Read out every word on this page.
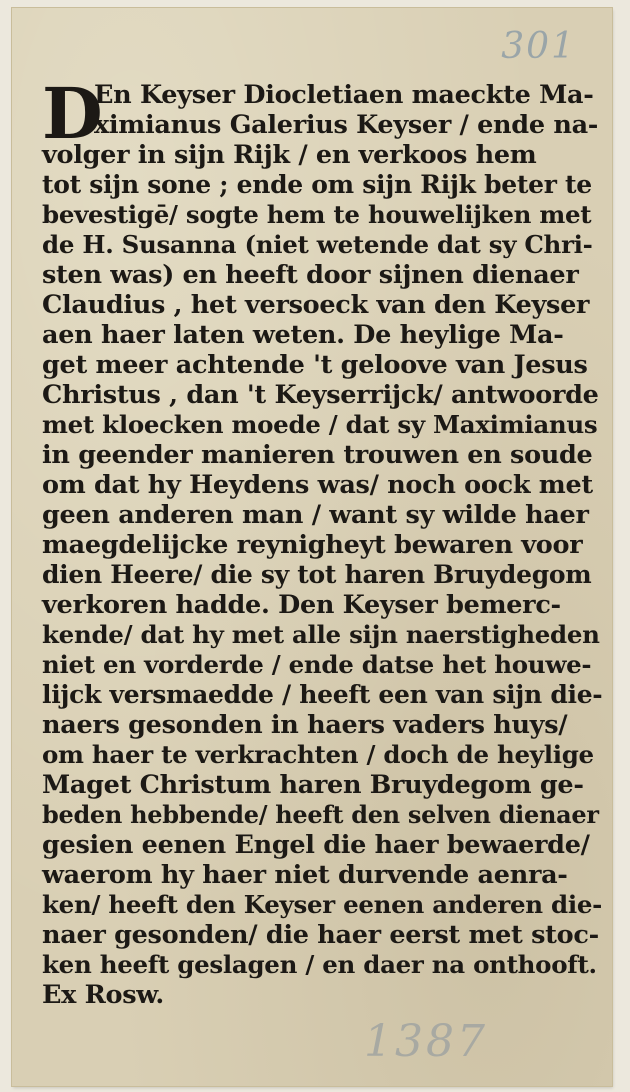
301
D
En Keyser Diocletiaen maeckte Ma-
ximianus Galerius Keyser / ende na-
volger in sijn Rijk / en verkoos hem
tot sijn sone ; ende om sijn Rijk beter te
bevestigē/ sogte hem te houwelijken met
de H. Susanna (niet wetende dat sy Chri-
sten was) en heeft door sijnen dienaer
Claudius , het versoeck van den Keyser
aen haer laten weten. De heylige Ma-
get meer achtende 't geloove van Jesus
Christus , dan 't Keyserrijck/ antwoorde
met kloecken moede / dat sy Maximianus
in geender manieren trouwen en soude
om dat hy Heydens was/ noch oock met
geen anderen man / want sy wilde haer
maegdelijcke reynigheyt bewaren voor
dien Heere/ die sy tot haren Bruydegom
verkoren hadde. Den Keyser bemerc-
kende/ dat hy met alle sijn naerstigheden
niet en vorderde / ende datse het houwe-
lijck versmaedde / heeft een van sijn die-
naers gesonden in haers vaders huys/
om haer te verkrachten / doch de heylige
Maget Christum haren Bruydegom ge-
beden hebbende/ heeft den selven dienaer
gesien eenen Engel die haer bewaerde/
waerom hy haer niet durvende aenra-
ken/ heeft den Keyser eenen anderen die-
naer gesonden/ die haer eerst met stoc-
ken heeft geslagen / en daer na onthooft.
Ex Rosw.
1387
